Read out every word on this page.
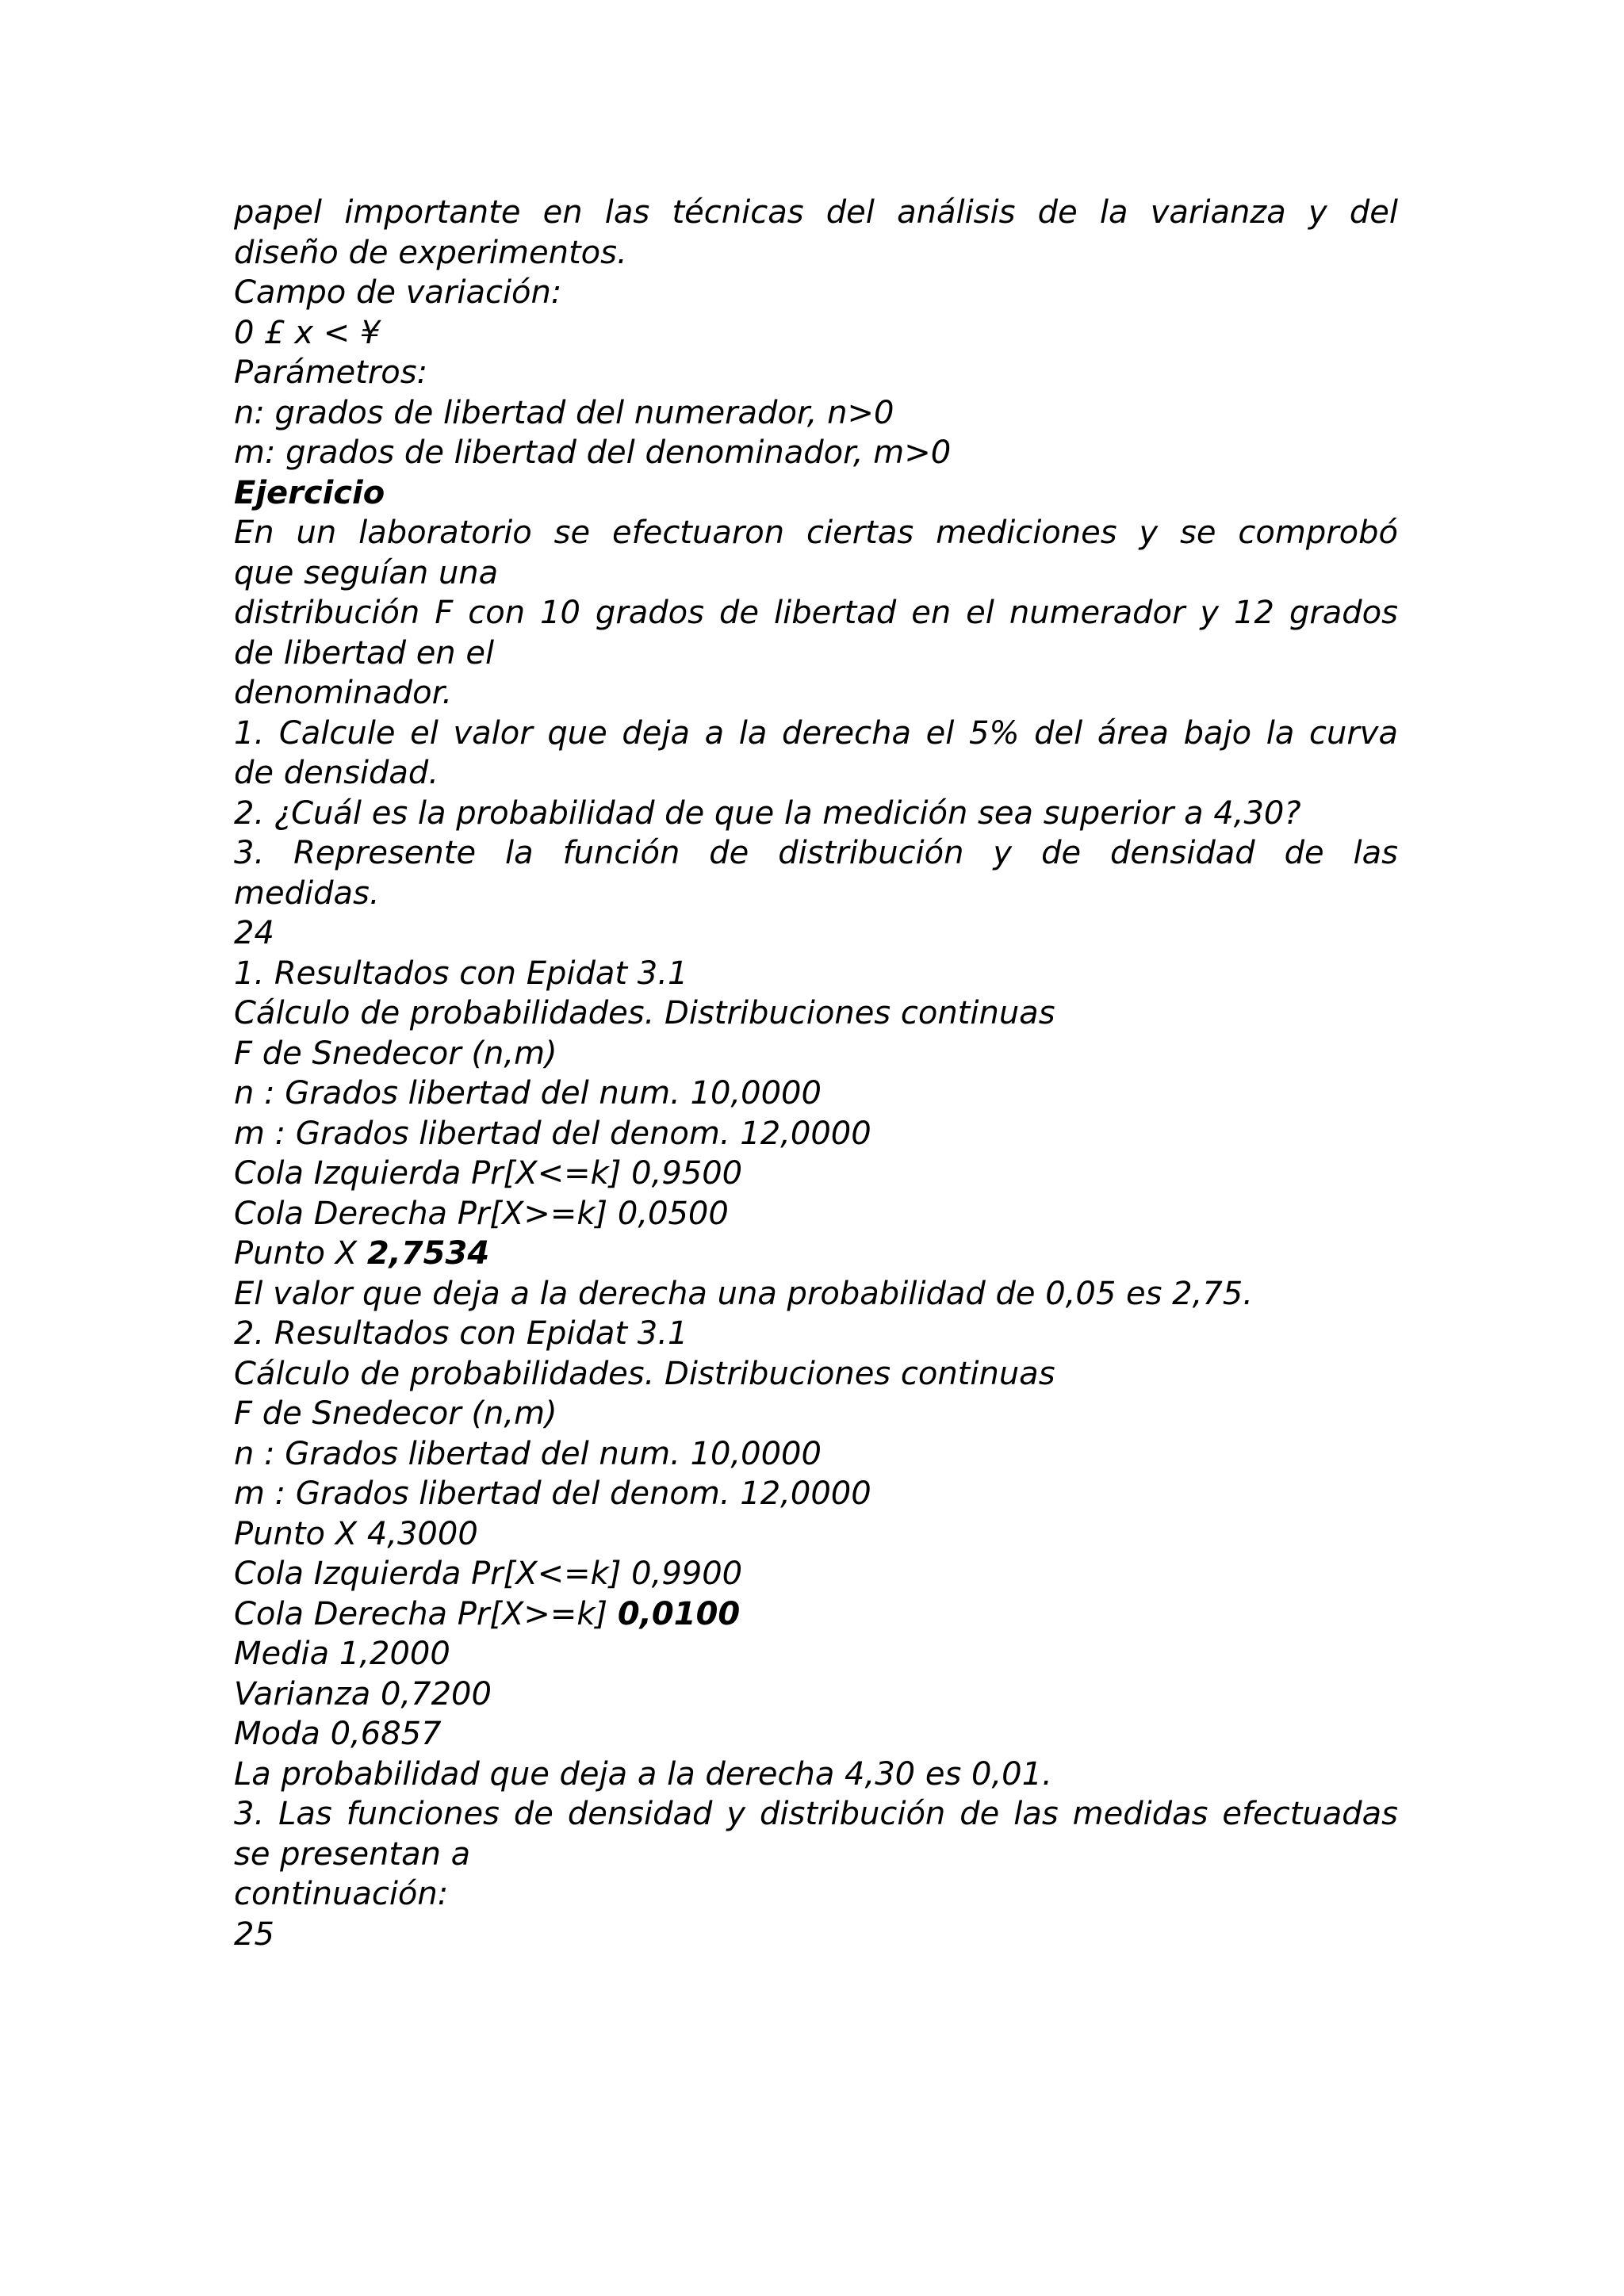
papel importante en las técnicas del análisis de la varianza y del
diseño de experimentos.
Campo de variación:
0 £ x < ¥
Parámetros:
n: grados de libertad del numerador, n>0
m: grados de libertad del denominador, m>0
Ejercicio
En un laboratorio se efectuaron ciertas mediciones y se comprobó
que seguían una
distribución F con 10 grados de libertad en el numerador y 12 grados
de libertad en el
denominador.
1. Calcule el valor que deja a la derecha el 5% del área bajo la curva
de densidad.
2. ¿Cuál es la probabilidad de que la medición sea superior a 4,30?
3. Represente la función de distribución y de densidad de las
medidas.
24
1. Resultados con Epidat 3.1
Cálculo de probabilidades. Distribuciones continuas
F de Snedecor (n,m)
n : Grados libertad del num. 10,0000
m : Grados libertad del denom. 12,0000
Cola Izquierda Pr[X<=k] 0,9500
Cola Derecha Pr[X>=k] 0,0500
Punto X 2,7534
El valor que deja a la derecha una probabilidad de 0,05 es 2,75.
2. Resultados con Epidat 3.1
Cálculo de probabilidades. Distribuciones continuas
F de Snedecor (n,m)
n : Grados libertad del num. 10,0000
m : Grados libertad del denom. 12,0000
Punto X 4,3000
Cola Izquierda Pr[X<=k] 0,9900
Cola Derecha Pr[X>=k] 0,0100
Media 1,2000
Varianza 0,7200
Moda 0,6857
La probabilidad que deja a la derecha 4,30 es 0,01.
3. Las funciones de densidad y distribución de las medidas efectuadas
se presentan a
continuación:
25
